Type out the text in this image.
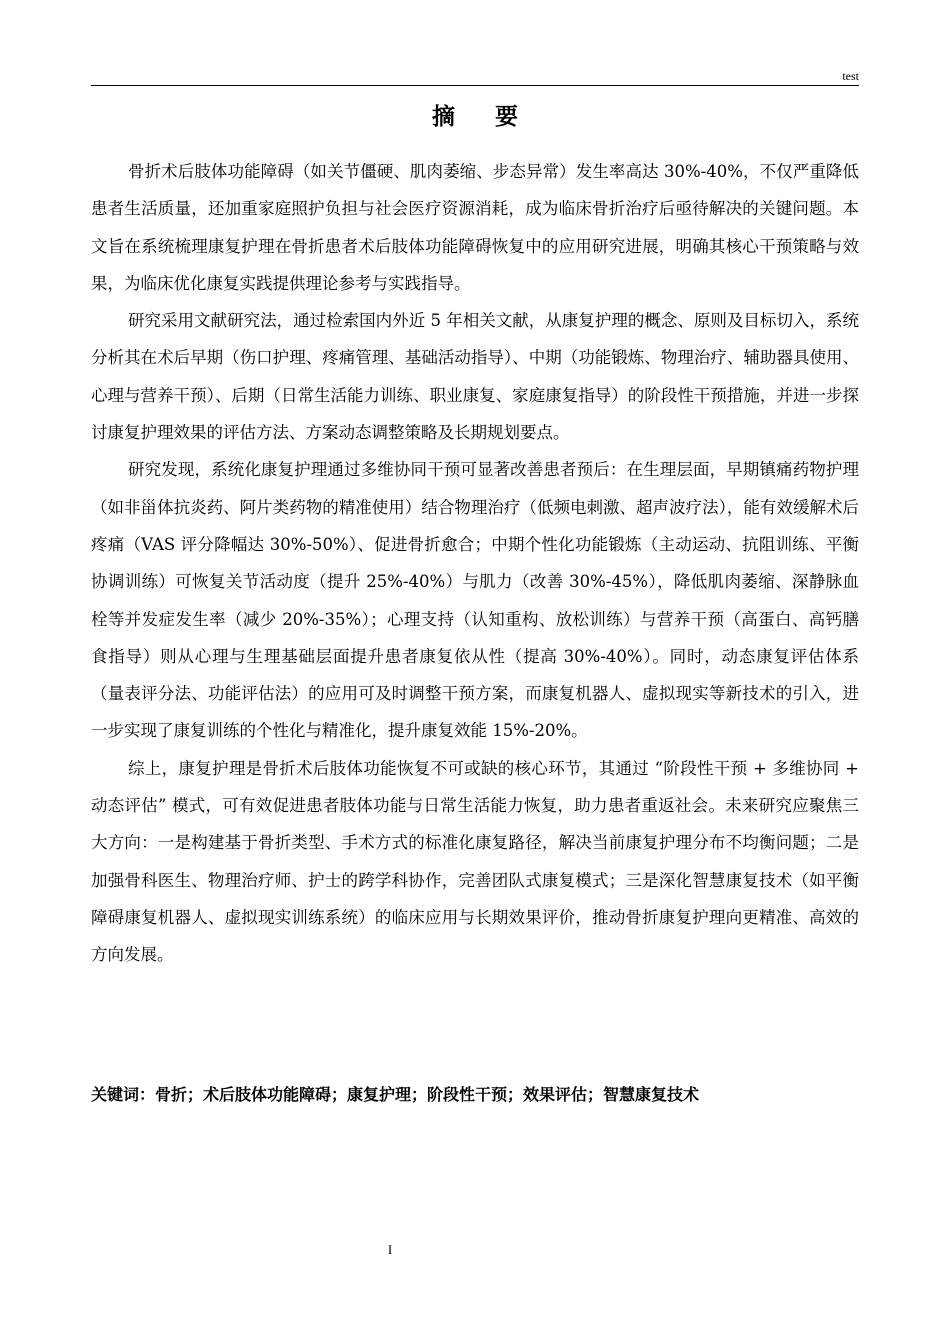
test
摘 要

骨折术后肢体功能障碍（如关节僵硬、肌肉萎缩、步态异常）发生率高达 30%-40%，不仅严重降低患者生活质量，还加重家庭照护负担与社会医疗资源消耗，成为临床骨折治疗后亟待解决的关键问题。本文旨在系统梳理康复护理在骨折患者术后肢体功能障碍恢复中的应用研究进展，明确其核心干预策略与效果，为临床优化康复实践提供理论参考与实践指导。

研究采用文献研究法，通过检索国内外近 5 年相关文献，从康复护理的概念、原则及目标切入，系统分析其在术后早期（伤口护理、疼痛管理、基础活动指导）、中期（功能锻炼、物理治疗、辅助器具使用、心理与营养干预）、后期（日常生活能力训练、职业康复、家庭康复指导）的阶段性干预措施，并进一步探讨康复护理效果的评估方法、方案动态调整策略及长期规划要点。

研究发现，系统化康复护理通过多维协同干预可显著改善患者预后：在生理层面，早期镇痛药物护理（如非甾体抗炎药、阿片类药物的精准使用）结合物理治疗（低频电刺激、超声波疗法），能有效缓解术后疼痛（VAS 评分降幅达 30%-50%）、促进骨折愈合；中期个性化功能锻炼（主动运动、抗阻训练、平衡协调训练）可恢复关节活动度（提升 25%-40%）与肌力（改善 30%-45%），降低肌肉萎缩、深静脉血栓等并发症发生率（减少 20%-35%）；心理支持（认知重构、放松训练）与营养干预（高蛋白、高钙膳食指导）则从心理与生理基础层面提升患者康复依从性（提高 30%-40%）。同时，动态康复评估体系（量表评分法、功能评估法）的应用可及时调整干预方案，而康复机器人、虚拟现实等新技术的引入，进一步实现了康复训练的个性化与精准化，提升康复效能 15%-20%。

综上，康复护理是骨折术后肢体功能恢复不可或缺的核心环节，其通过 “阶段性干预 + 多维协同 + 动态评估” 模式，可有效促进患者肢体功能与日常生活能力恢复，助力患者重返社会。未来研究应聚焦三大方向：一是构建基于骨折类型、手术方式的标准化康复路径，解决当前康复护理分布不均衡问题；二是加强骨科医生、物理治疗师、护士的跨学科协作，完善团队式康复模式；三是深化智慧康复技术（如平衡障碍康复机器人、虚拟现实训练系统）的临床应用与长期效果评价，推动骨折康复护理向更精准、高效的方向发展。

关键词：骨折；术后肢体功能障碍；康复护理；阶段性干预；效果评估；智慧康复技术
I
